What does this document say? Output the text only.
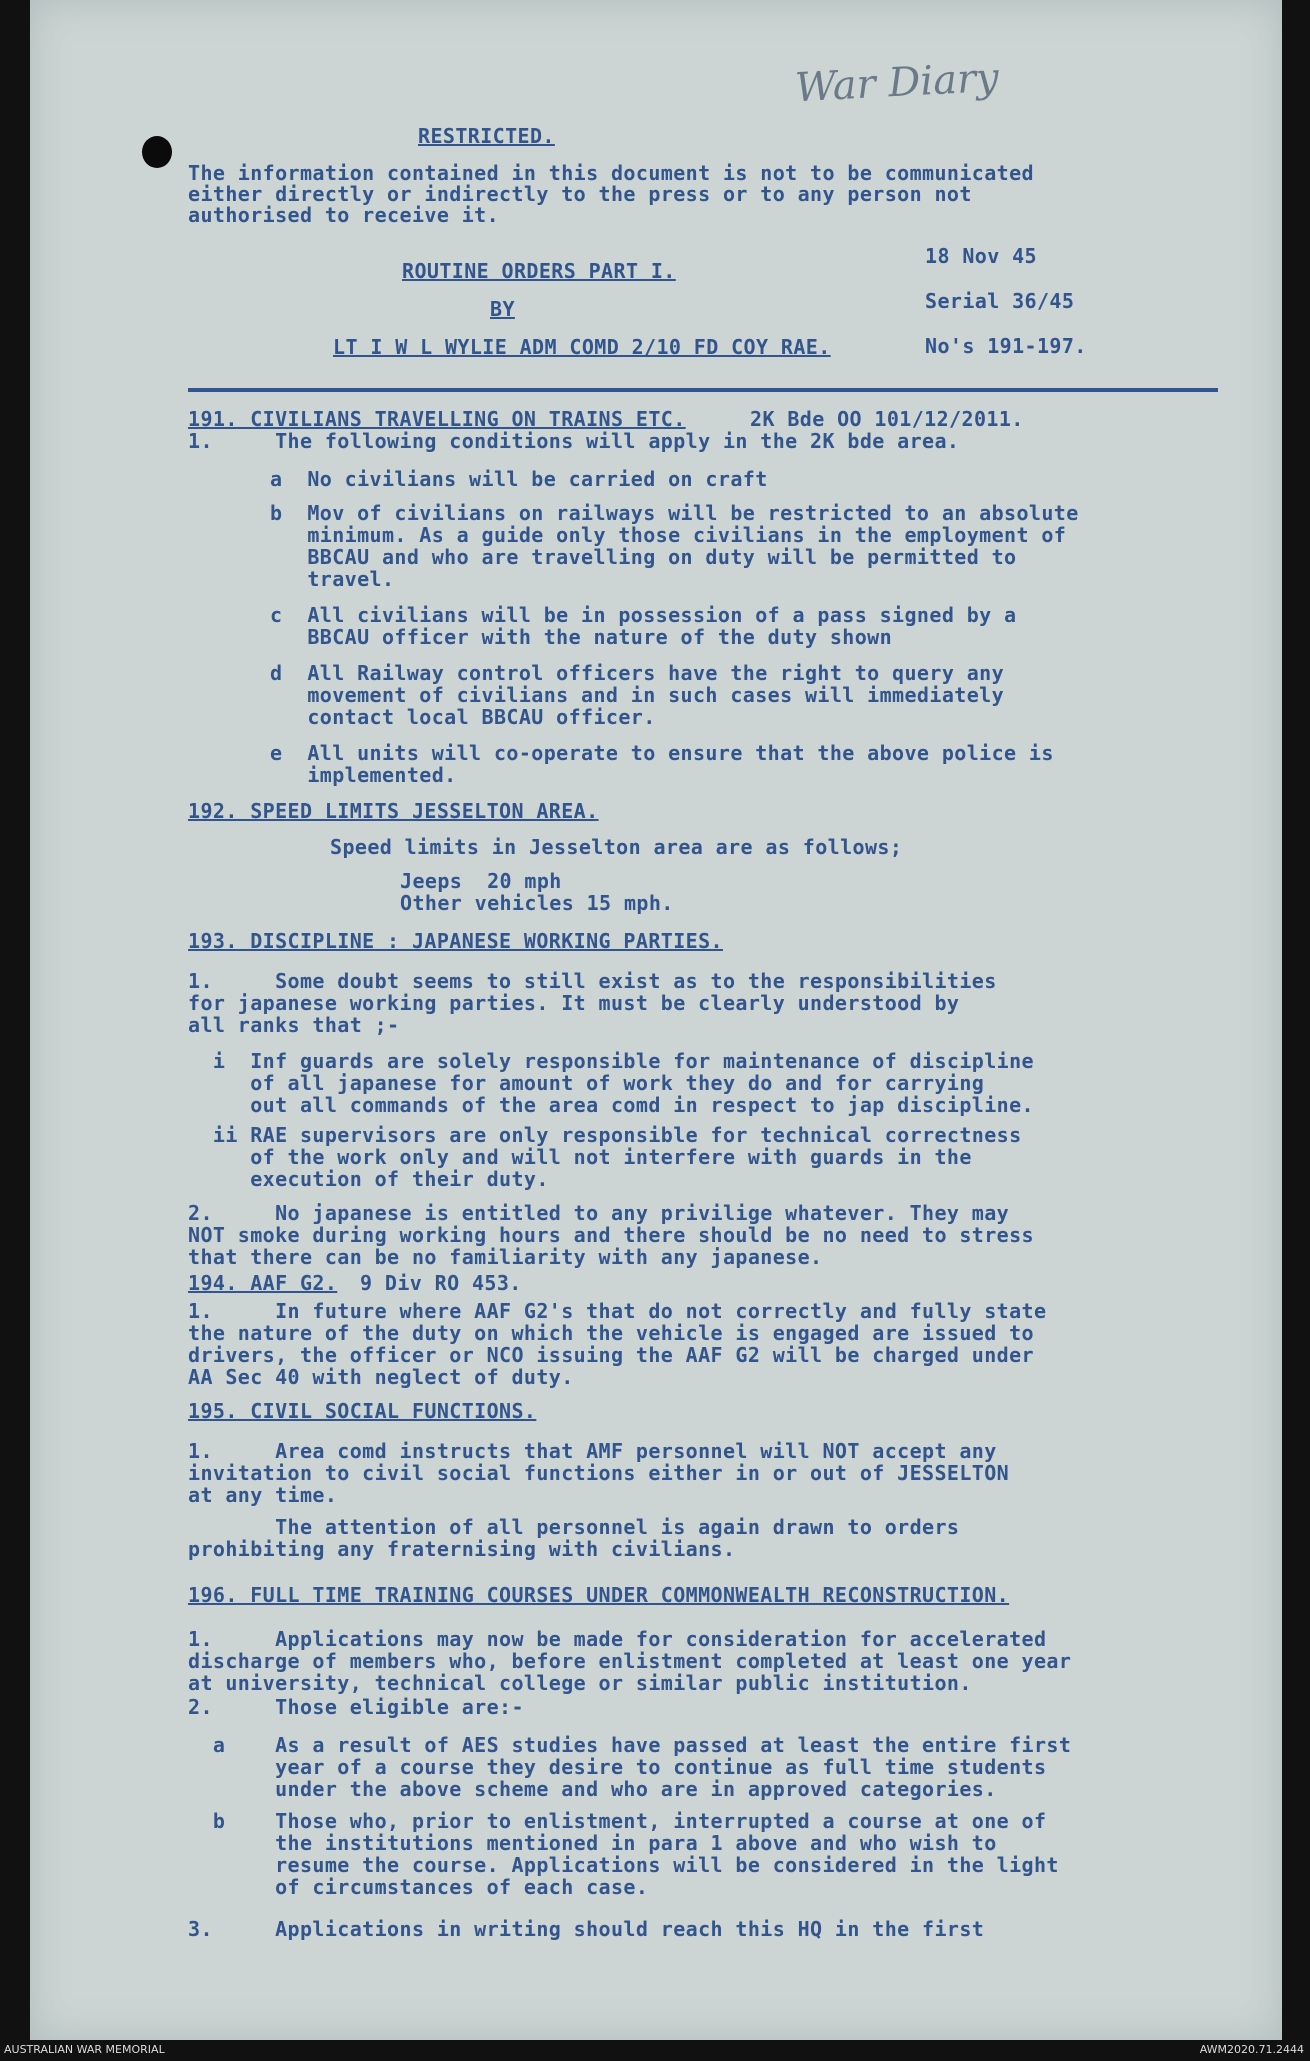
War Diary
RESTRICTED.
The information contained in this document is not to be communicated
either directly or indirectly to the press or to any person not
authorised to receive it.
ROUTINE ORDERS PART I.
BY
LT I W L WYLIE ADM COMD 2/10 FD COY RAE.
18 Nov 45
Serial 36/45
No's 191-197.
191. CIVILIANS TRAVELLING ON TRAINS ETC.	2K Bde OO 101/12/2011.
1.     The following conditions will apply in the 2K bde area.
a  No civilians will be carried on craft
b  Mov of civilians on railways will be restricted to an absolute
minimum. As a guide only those civilians in the employment of
BBCAU and who are travelling on duty will be permitted to
travel.
c  All civilians will be in possession of a pass signed by a
BBCAU officer with the nature of the duty shown
d  All Railway control officers have the right to query any
movement of civilians and in such cases will immediately
contact local BBCAU officer.
e  All units will co-operate to ensure that the above police is
implemented.
192. SPEED LIMITS JESSELTON AREA.
Speed limits in Jesselton area are as follows;
Jeeps  20 mph
Other vehicles 15 mph.
193. DISCIPLINE : JAPANESE WORKING PARTIES.
1.     Some doubt seems to still exist as to the responsibilities
for japanese working parties. It must be clearly understood by
all ranks that ;-
i  Inf guards are solely responsible for maintenance of discipline
of all japanese for amount of work they do and for carrying
out all commands of the area comd in respect to jap discipline.
ii RAE supervisors are only responsible for technical correctness
of the work only and will not interfere with guards in the
execution of their duty.
2.     No japanese is entitled to any privilige whatever. They may
NOT smoke during working hours and there should be no need to stress
that there can be no familiarity with any japanese.
194. AAF G2. 9 Div RO 453.
1.     In future where AAF G2's that do not correctly and fully state
the nature of the duty on which the vehicle is engaged are issued to
drivers, the officer or NCO issuing the AAF G2 will be charged under
AA Sec 40 with neglect of duty.
195. CIVIL SOCIAL FUNCTIONS.
1.     Area comd instructs that AMF personnel will NOT accept any
invitation to civil social functions either in or out of JESSELTON
at any time.
The attention of all personnel is again drawn to orders
prohibiting any fraternising with civilians.
196. FULL TIME TRAINING COURSES UNDER COMMONWEALTH RECONSTRUCTION.
1.     Applications may now be made for consideration for accelerated
discharge of members who, before enlistment completed at least one year
at university, technical college or similar public institution.
2.     Those eligible are:-
a    As a result of AES studies have passed at least the entire first
year of a course they desire to continue as full time students
under the above scheme and who are in approved categories.
b    Those who, prior to enlistment, interrupted a course at one of
the institutions mentioned in para 1 above and who wish to
resume the course. Applications will be considered in the light
of circumstances of each case.
3.     Applications in writing should reach this HQ in the first
AUSTRALIAN WAR MEMORIAL	AWM2020.71.2444
